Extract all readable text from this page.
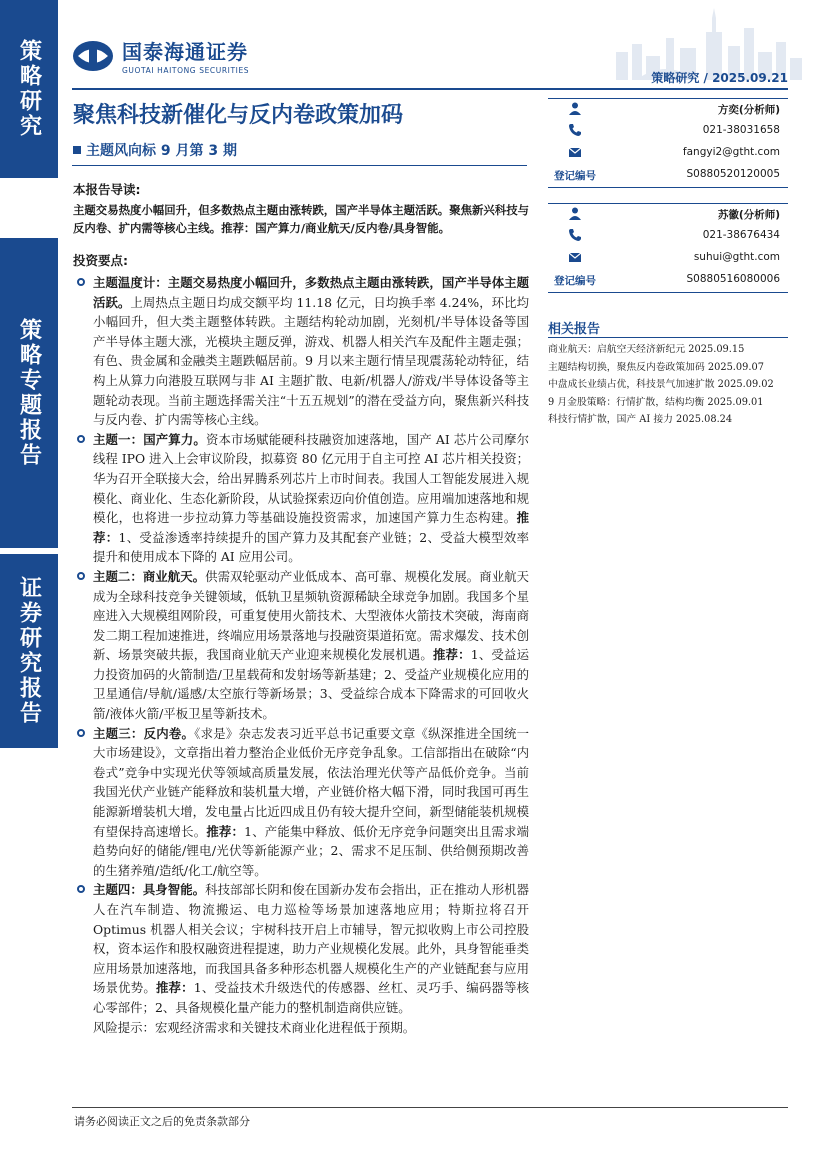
策略研究
策略专题报告
证券研究报告
国泰海通证券
GUOTAI HAITONG SECURITIES
策略研究 / 2025.09.21
聚焦科技新催化与反内卷政策加码
主题风向标 9 月第 3 期
本报告导读:
主题交易热度小幅回升，但多数热点主题由涨转跌，国产半导体主题活跃。聚焦新兴科技与反内卷、扩内需等核心主线。推荐：国产算力/商业航天/反内卷/具身智能。
投资要点:

主题温度计：主题交易热度小幅回升，多数热点主题由涨转跌，国产半导体主题活跃。上周热点主题日均成交额平均 11.18 亿元，日均换手率 4.24%，环比均小幅回升，但大类主题整体转跌。主题结构轮动加剧，光刻机/半导体设备等国产半导体主题大涨，光模块主题反弹，游戏、机器人相关汽车及配件主题走强；有色、贵金属和金融类主题跌幅居前。9 月以来主题行情呈现震荡轮动特征，结构上从算力向港股互联网与非 AI 主题扩散、电新/机器人/游戏/半导体设备等主题轮动表现。当前主题选择需关注“十五五规划”的潜在受益方向，聚焦新兴科技与反内卷、扩内需等核心主线。

主题一：国产算力。资本市场赋能硬科技融资加速落地，国产 AI 芯片公司摩尔线程 IPO 进入上会审议阶段，拟募资 80 亿元用于自主可控 AI 芯片相关投资；华为召开全联接大会，给出昇腾系列芯片上市时间表。我国人工智能发展进入规模化、商业化、生态化新阶段，从试验探索迈向价值创造。应用端加速落地和规模化，也将进一步拉动算力等基础设施投资需求，加速国产算力生态构建。推荐：1、受益渗透率持续提升的国产算力及其配套产业链；2、受益大模型效率提升和使用成本下降的 AI 应用公司。

主题二：商业航天。供需双轮驱动产业低成本、高可靠、规模化发展。商业航天成为全球科技竞争关键领域，低轨卫星频轨资源稀缺全球竞争加剧。我国多个星座进入大规模组网阶段，可重复使用火箭技术、大型液体火箭技术突破，海南商发二期工程加速推进，终端应用场景落地与投融资渠道拓宽。需求爆发、技术创新、场景突破共振，我国商业航天产业迎来规模化发展机遇。推荐：1、受益运力投资加码的火箭制造/卫星载荷和发射场等新基建；2、受益产业规模化应用的卫星通信/导航/遥感/太空旅行等新场景；3、受益综合成本下降需求的可回收火箭/液体火箭/平板卫星等新技术。

主题三：反内卷。《求是》杂志发表习近平总书记重要文章《纵深推进全国统一大市场建设》，文章指出着力整治企业低价无序竞争乱象。工信部指出在破除“内卷式”竞争中实现光伏等领域高质量发展，依法治理光伏等产品低价竞争。当前我国光伏产业链产能释放和装机量大增，产业链价格大幅下滑，同时我国可再生能源新增装机大增，发电量占比近四成且仍有较大提升空间，新型储能装机规模有望保持高速增长。推荐：1、产能集中释放、低价无序竞争问题突出且需求端趋势向好的储能/锂电/光伏等新能源产业；2、需求不足压制、供给侧预期改善的生猪养殖/造纸/化工/航空等。

主题四：具身智能。科技部部长阴和俊在国新办发布会指出，正在推动人形机器人在汽车制造、物流搬运、电力巡检等场景加速落地应用；特斯拉将召开 Optimus 机器人相关会议；宇树科技开启上市辅导，智元拟收购上市公司控股权，资本运作和股权融资进程提速，助力产业规模化发展。此外，具身智能垂类应用场景加速落地，而我国具备多种形态机器人规模化生产的产业链配套与应用场景优势。推荐：1、受益技术升级迭代的传感器、丝杠、灵巧手、编码器等核心零部件；2、具备规模化量产能力的整机制造商供应链。

风险提示：宏观经济需求和关键技术商业化进程低于预期。

方奕(分析师)
021-38031658
fangyi2@gtht.com
登记编号	S0880520120005
苏徽(分析师)
021-38676434
suhui@gtht.com
登记编号	S0880516080006
相关报告
商业航天：启航空天经济新纪元 2025.09.15
主题结构切换，聚焦反内卷政策加码 2025.09.07
中盘成长业绩占优，科技景气加速扩散 2025.09.02
9 月金股策略：行情扩散，结构均衡 2025.09.01
科技行情扩散，国产 AI 接力 2025.08.24
请务必阅读正文之后的免责条款部分
